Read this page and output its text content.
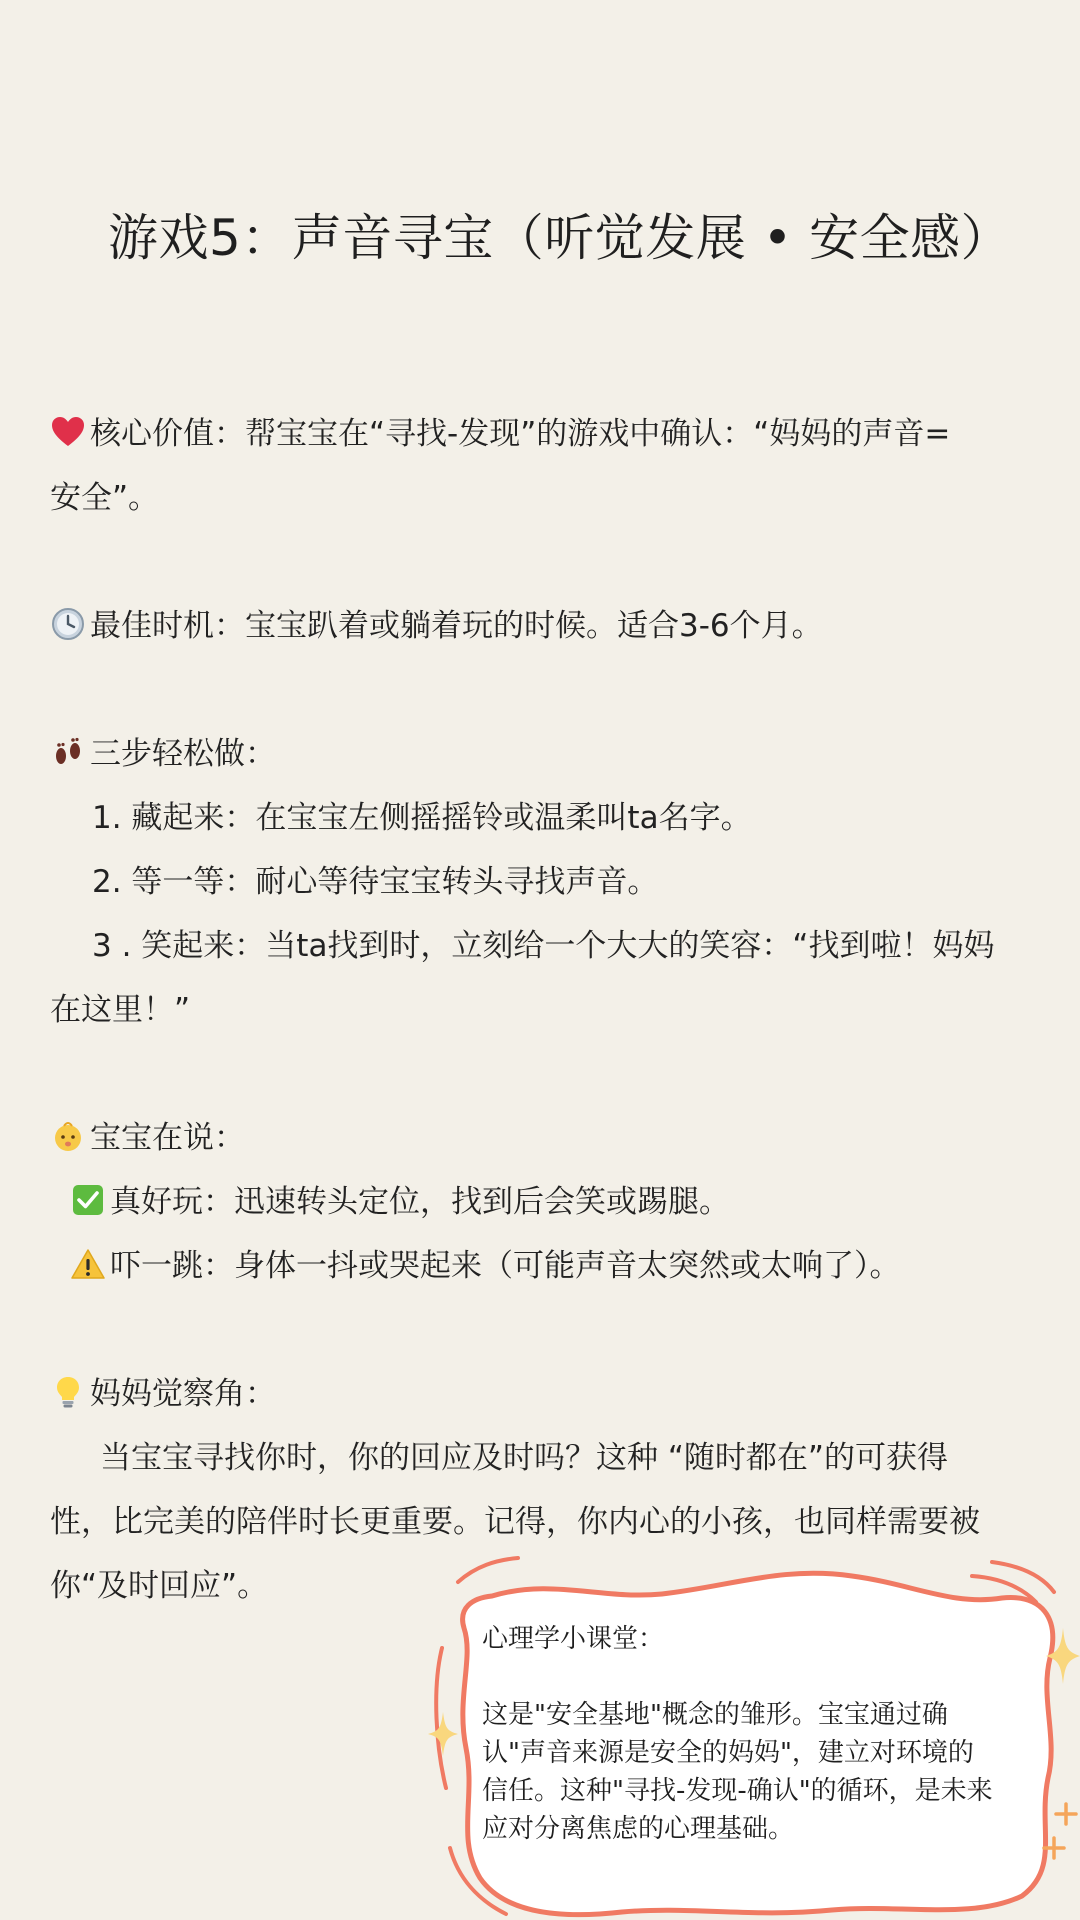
游戏5：声音寻宝（听觉发展 • 安全感）

核心价值：帮宝宝在“寻找-发现”的游戏中确认：“妈妈的声音=

安全”。

最佳时机：宝宝趴着或躺着玩的时候。适合3-6个月。

三步轻松做：

1. 藏起来：在宝宝左侧摇摇铃或温柔叫ta名字。

2. 等一等：耐心等待宝宝转头寻找声音。

3 . 笑起来：当ta找到时，立刻给一个大大的笑容：“找到啦！妈妈

在这里！”

宝宝在说：

真好玩：迅速转头定位，找到后会笑或踢腿。

吓一跳：身体一抖或哭起来（可能声音太突然或太响了）。

妈妈觉察角：

当宝宝寻找你时，你的回应及时吗？这种 “随时都在”的可获得

性，比完美的陪伴时长更重要。记得，你内心的小孩，也同样需要被

你“及时回应”。

心理学小课堂：
这是"安全基地"概念的雏形。宝宝通过确
认"声音来源是安全的妈妈"，建立对环境的
信任。这种"寻找-发现-确认"的循环，是未来
应对分离焦虑的心理基础。
